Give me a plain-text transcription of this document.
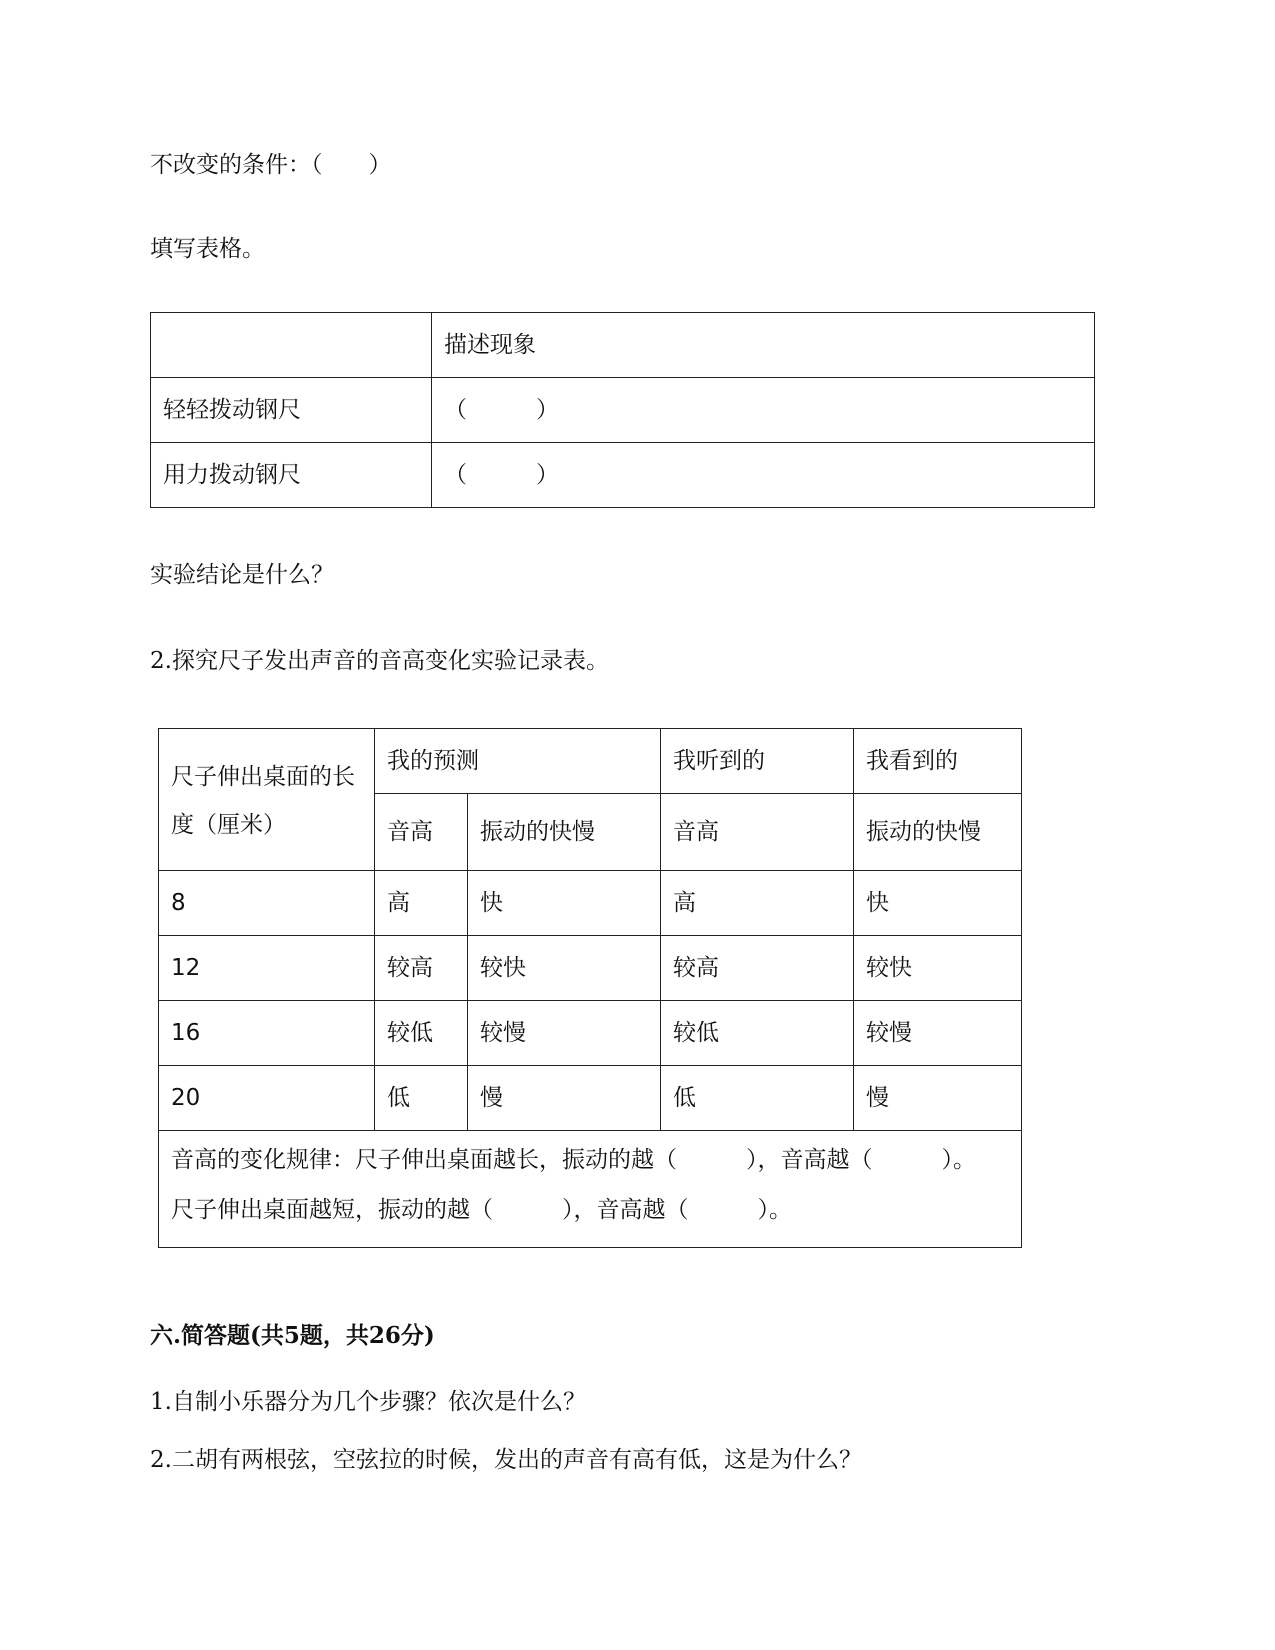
不改变的条件：（　　）
填写表格。
	描述现象
轻轻拨动钢尺	（　　　）
用力拨动钢尺	（　　　）
实验结论是什么？
2.探究尺子发出声音的音高变化实验记录表。
尺子伸出桌面的长度（厘米）	我的预测		我听到的	我看到的
	音高	振动的快慢	音高	振动的快慢
8	高	快	高	快
12	较高	较快	较高	较快
16	较低	较慢	较低	较慢
20	低	慢	低	慢

音高的变化规律：尺子伸出桌面越长，振动的越（　　　），音高越（　　　）。
尺子伸出桌面越短，振动的越（　　　），音高越（　　　）。				
六.简答题(共5题，共26分)
1.自制小乐器分为几个步骤？依次是什么？
2.二胡有两根弦，空弦拉的时候，发出的声音有高有低，这是为什么？
